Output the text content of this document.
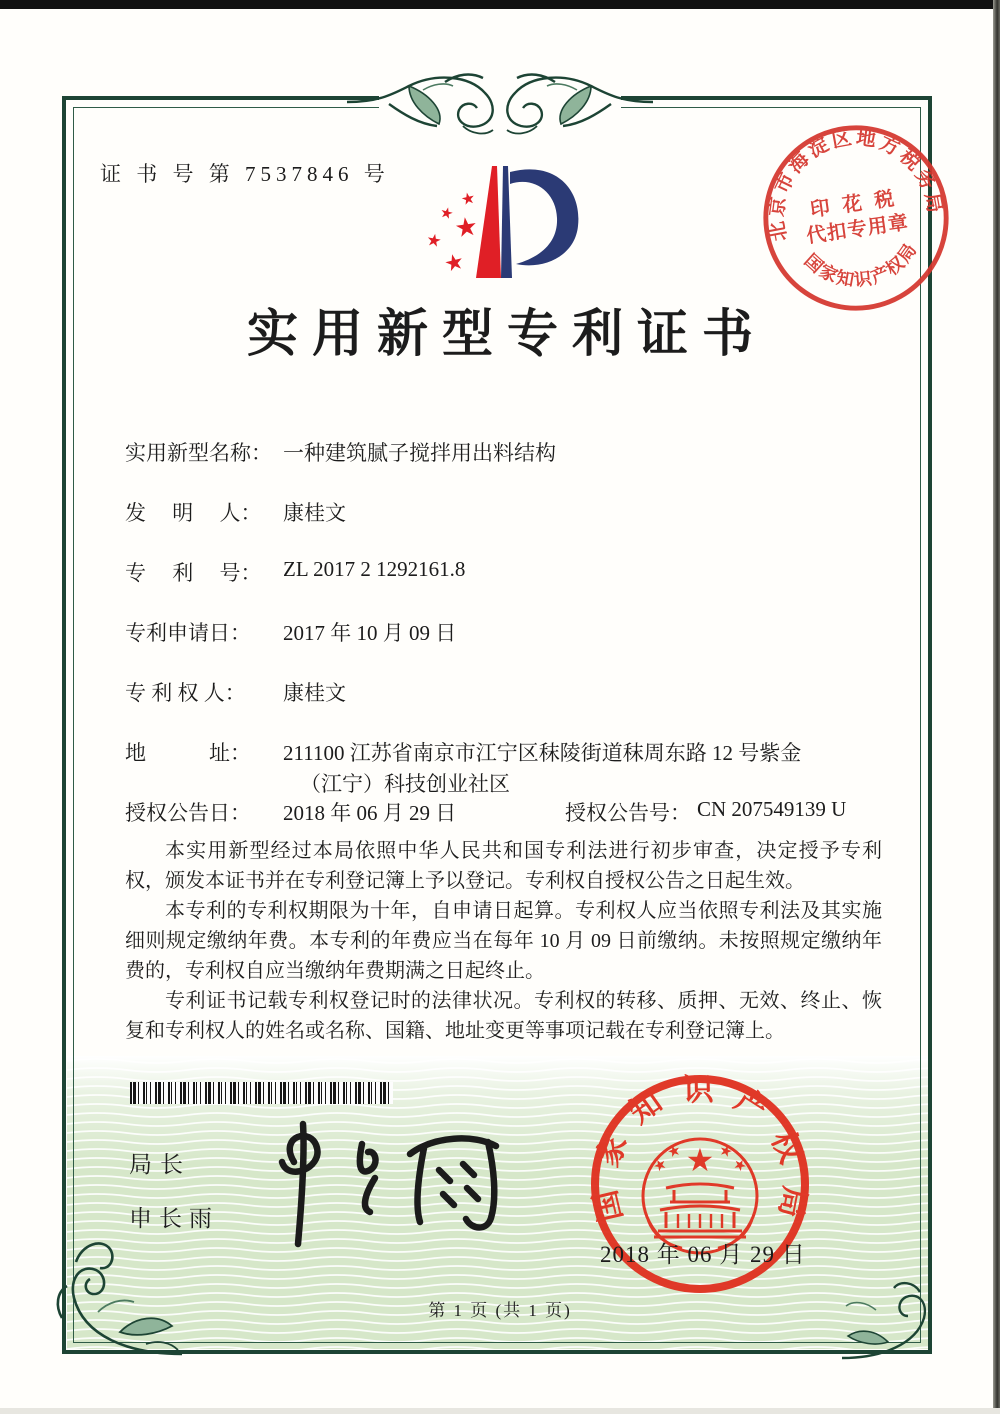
证 书 号 第 7537846 号
★
★
★
★
★
北京市海淀区地方税务局
国家知识产权局
印 花 税
代扣专用章
实用新型专利证书
实用新型名称： 一种建筑腻子搅拌用出料结构
发　 明　 人： 康桂文
专　 利　 号： ZL 2017 2 1292161.8
专利申请日： 2017 年 10 月 09 日
专 利 权 人： 康桂文
地　　　址： 211100 江苏省南京市江宁区秣陵街道秣周东路 12 号紫金
（江宁）科技创业社区
授权公告日： 2018 年 06 月 29 日	授权公告号： CN 207549139 U

本实用新型经过本局依照中华人民共和国专利法进行初步审查，决定授予专利权，颁发本证书并在专利登记簿上予以登记。专利权自授权公告之日起生效。

本专利的专利权期限为十年，自申请日起算。专利权人应当依照专利法及其实施细则规定缴纳年费。本专利的年费应当在每年 10 月 09 日前缴纳。未按照规定缴纳年费的，专利权自应当缴纳年费期满之日起终止。

专利证书记载专利权登记时的法律状况。专利权的转移、质押、无效、终止、恢复和专利权人的姓名或名称、国籍、地址变更等事项记载在专利登记簿上。

局长
申长雨	国家知识产权局
★
★
★
★
★
2018 年 06 月 29 日
第 1 页 (共 1 页)
